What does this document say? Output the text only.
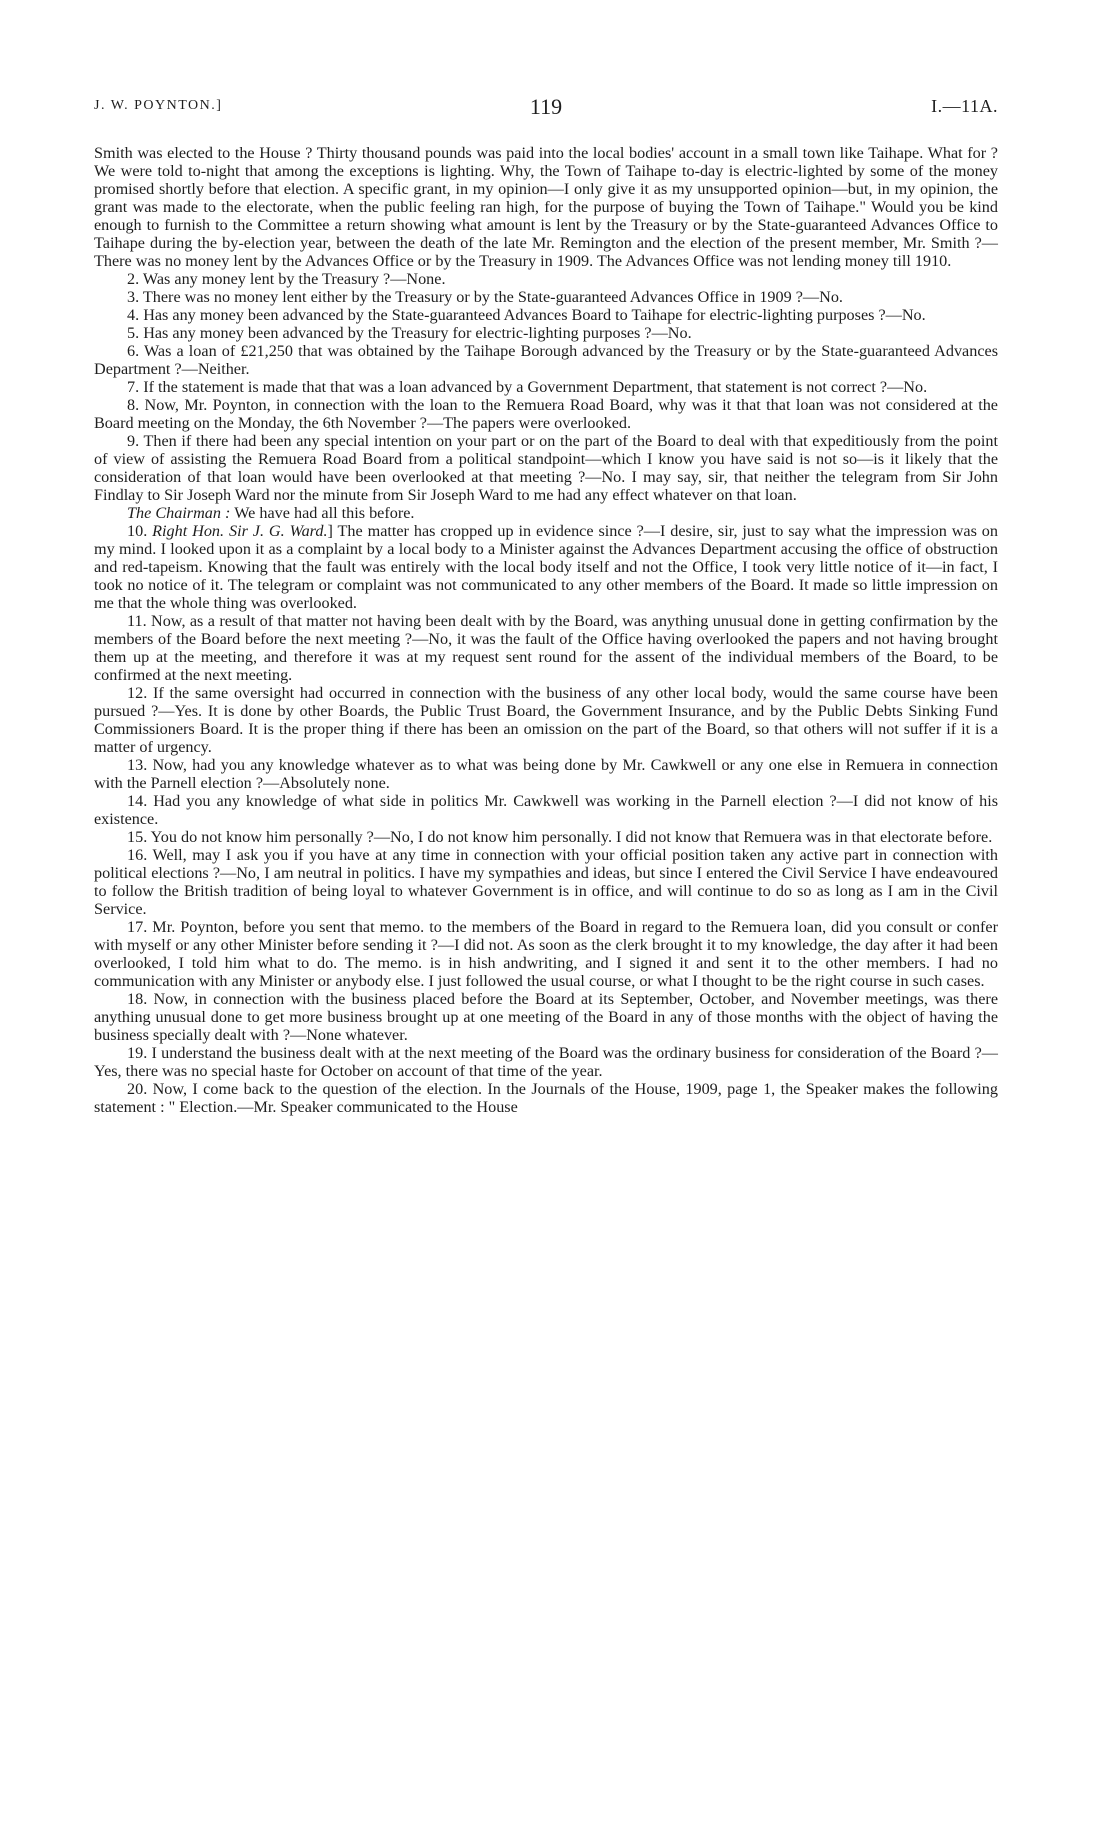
J. W. POYNTON.]	119	I.—11A.

Smith was elected to the House ? Thirty thousand pounds was paid into the local bodies' account in a small town like Taihape. What for ? We were told to-night that among the exceptions is lighting. Why, the Town of Taihape to-day is electric-lighted by some of the money promised shortly before that election. A specific grant, in my opinion—I only give it as my unsupported opinion—but, in my opinion, the grant was made to the electorate, when the public feeling ran high, for the purpose of buying the Town of Taihape." Would you be kind enough to furnish to the Committee a return showing what amount is lent by the Treasury or by the State-guaranteed Advances Office to Taihape during the by-election year, between the death of the late Mr. Remington and the election of the present member, Mr. Smith ?—There was no money lent by the Advances Office or by the Treasury in 1909. The Advances Office was not lending money till 1910.

2. Was any money lent by the Treasury ?—None.

3. There was no money lent either by the Treasury or by the State-guaranteed Advances Office in 1909 ?—No.

4. Has any money been advanced by the State-guaranteed Advances Board to Taihape for electric-lighting purposes ?—No.

5. Has any money been advanced by the Treasury for electric-lighting purposes ?—No.

6. Was a loan of £21,250 that was obtained by the Taihape Borough advanced by the Treasury or by the State-guaranteed Advances Department ?—Neither.

7. If the statement is made that that was a loan advanced by a Government Department, that statement is not correct ?—No.

8. Now, Mr. Poynton, in connection with the loan to the Remuera Road Board, why was it that that loan was not considered at the Board meeting on the Monday, the 6th November ?—The papers were overlooked.

9. Then if there had been any special intention on your part or on the part of the Board to deal with that expeditiously from the point of view of assisting the Remuera Road Board from a political standpoint—which I know you have said is not so—is it likely that the consideration of that loan would have been overlooked at that meeting ?—No. I may say, sir, that neither the telegram from Sir John Findlay to Sir Joseph Ward nor the minute from Sir Joseph Ward to me had any effect whatever on that loan.

The Chairman : We have had all this before.

10. Right Hon. Sir J. G. Ward.] The matter has cropped up in evidence since ?—I desire, sir, just to say what the impression was on my mind. I looked upon it as a complaint by a local body to a Minister against the Advances Department accusing the office of obstruction and red-tapeism. Knowing that the fault was entirely with the local body itself and not the Office, I took very little notice of it—in fact, I took no notice of it. The telegram or complaint was not communicated to any other members of the Board. It made so little impression on me that the whole thing was overlooked.

11. Now, as a result of that matter not having been dealt with by the Board, was anything unusual done in getting confirmation by the members of the Board before the next meeting ?—No, it was the fault of the Office having overlooked the papers and not having brought them up at the meeting, and therefore it was at my request sent round for the assent of the individual members of the Board, to be confirmed at the next meeting.

12. If the same oversight had occurred in connection with the business of any other local body, would the same course have been pursued ?—Yes. It is done by other Boards, the Public Trust Board, the Government Insurance, and by the Public Debts Sinking Fund Commissioners Board. It is the proper thing if there has been an omission on the part of the Board, so that others will not suffer if it is a matter of urgency.

13. Now, had you any knowledge whatever as to what was being done by Mr. Cawkwell or any one else in Remuera in connection with the Parnell election ?—Absolutely none.

14. Had you any knowledge of what side in politics Mr. Cawkwell was working in the Parnell election ?—I did not know of his existence.

15. You do not know him personally ?—No, I do not know him personally. I did not know that Remuera was in that electorate before.

16. Well, may I ask you if you have at any time in connection with your official position taken any active part in connection with political elections ?—No, I am neutral in politics. I have my sympathies and ideas, but since I entered the Civil Service I have endeavoured to follow the British tradition of being loyal to whatever Government is in office, and will continue to do so as long as I am in the Civil Service.

17. Mr. Poynton, before you sent that memo. to the members of the Board in regard to the Remuera loan, did you consult or confer with myself or any other Minister before sending it ?—I did not. As soon as the clerk brought it to my knowledge, the day after it had been overlooked, I told him what to do. The memo. is in hish andwriting, and I signed it and sent it to the other members. I had no communication with any Minister or anybody else. I just followed the usual course, or what I thought to be the right course in such cases.

18. Now, in connection with the business placed before the Board at its September, October, and November meetings, was there anything unusual done to get more business brought up at one meeting of the Board in any of those months with the object of having the business specially dealt with ?—None whatever.

19. I understand the business dealt with at the next meeting of the Board was the ordinary business for consideration of the Board ?—Yes, there was no special haste for October on account of that time of the year.

20. Now, I come back to the question of the election. In the Journals of the House, 1909, page 1, the Speaker makes the following statement : " Election.—Mr. Speaker communicated to the House
